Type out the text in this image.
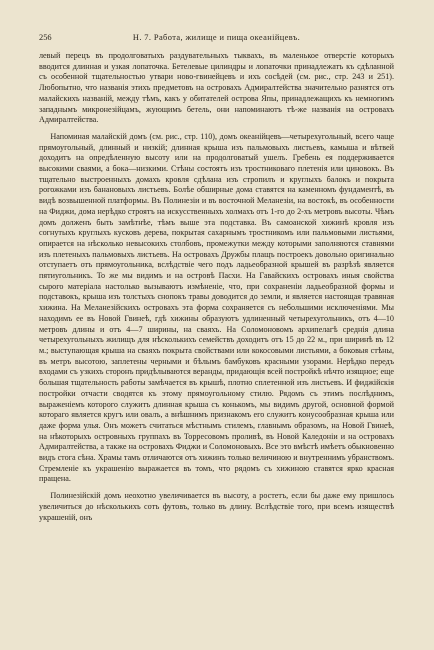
256	Н. 7. Работа, жилище и пища океанійцевъ.

левый перецъ въ продолговатыхъ раздувательныхъ тыквахъ, въ маленькое отверстіе которыхъ вводится длинная и узкая лопаточка. Бетелевые цилиндры и лопаточки принадлежатъ къ сдѣланной съ особенной тщательностью утвари ново-гвинейцевъ и ихъ сосѣдей (см. рис., стр. 243 и 251). Любопытно, что названія этихъ предметовъ на островахъ Адмиралтейства значительно разнятся отъ малайскихъ названій, между тѣмъ, какъ у обитателей острова Япы, принадлежащихъ къ немногимъ западнымъ микронезійцамъ, жующимъ бетель, они напоминаютъ тѣ-же названія на островахъ Адмиралтейства.

Напоминая малайскій домъ (см. рис., стр. 110), домъ океанійцевъ—четырехугольный, всего чаще прямоугольный, длинный и низкій; длинная крыша изъ пальмовыхъ листьевъ, камыша и вѣтвей доходитъ на опредѣленную высоту или на продолговатый ушелъ. Гребень ея поддерживается высокими сваями, а бока—низкими. Стѣны состоятъ изъ тростниковаго плетенія или циновокъ. Въ тщательно выстроенныхъ домахъ кровля сдѣлана изъ стропилъ и круглыхъ балокъ и покрыта рогожками изъ банановыхъ листьевъ. Болѣе обширные дома ставятся на каменномъ фундаментѣ, въ видѣ возвышенной платформы. Въ Полинезіи и въ восточной Меланезіи, на востокѣ, въ особенности на Фиджи, дома нерѣдко строятъ на искусственныхъ холмахъ отъ 1-го до 2-хъ метровъ высоты. Чѣмъ домъ долженъ быть замѣтнѣе, тѣмъ выше эта подставка. Въ самоанской хижинѣ кровля изъ согнутыхъ круглыхъ кусковъ дерева, покрытая сахарнымъ тростникомъ или пальмовыми листьями, опирается на нѣсколько невысокихъ столбовъ, промежутки между которыми заполняются ставнями изъ плетеныхъ пальмовыхъ листьевъ. На островахъ Дружбы плащъ построекъ довольно оригинально отступаетъ отъ прямоугольника, вслѣдствіе чего подъ ладьеобразной крышей въ разрѣзѣ является пятиугольникъ. То же мы видимъ и на островѣ Пасхи. На Гавайскихъ островахъ иныя свойства сырого матеріала настолько вызываютъ измѣненіе, что, при сохраненіи ладьеобразной формы и подставокъ, крыша изъ толстыхъ снопокъ травы доводится до земли, и является настоящая травяная хижина. На Меланезійскихъ островахъ эта форма сохраняется съ небольшими исключеніями. Мы находимъ ее въ Новой Гвинеѣ, гдѣ хижины образуютъ удлиненный четырехугольникъ, отъ 4—10 метровъ длины и отъ 4—7 ширины, на сваяхъ. На Соломоновомъ архипелагѣ среднія длина четырехугольныхъ жилищъ для нѣсколькихъ семействъ доходитъ отъ 15 до 22 м., при ширинѣ въ 12 м.; выступающая крыша на сваяхъ покрыта свойствами или кокосовыми листьями, а боковыя стѣны, въ метръ высотою, заплетены черными и бѣлымъ бамбуковъ красными узорами. Нерѣдко передъ входами съ узкихъ сторонъ придѣлываются веранды, придающія всей постройкѣ нѣчто изящное; еще большая тщательность работы замѣчается въ крышѣ, плотно сплетенной изъ листьевъ. И фиджійскія постройки отчасти сводятся къ этому прямоугольному стилю. Рядомъ съ этимъ послѣднимъ, выраженіемъ которого служитъ длинная крыша съ конькомъ, мы видимъ другой, основной формой котораго является кругъ или овалъ, а внѣшнимъ признакомъ его служитъ конусообразная крыша или даже форма улья. Онъ можетъ считаться мѣстнымъ стилемъ, главнымъ образомъ, на Новой Гвинеѣ, на нѣкоторыхъ островныхъ группахъ въ Торресовомъ проливѣ, въ Новой Каледоніи и на островахъ Адмиралтейства, а также на островахъ Фиджи и Соломоновыхъ. Все это вмѣстѣ имѣетъ обыкновенно видъ стога сѣна. Храмы тамъ отличаются отъ хижинъ только величиною и внутреннимъ убранствомъ. Стремленіе къ украшенію выражается въ томъ, что рядомъ съ хижиною ставятся ярко красная пращена.

Полинезійскій домъ неохотно увеличивается въ высоту, а ростетъ, если бы даже ему пришлось увеличиться до нѣсколькихъ сотъ футовъ, только въ длину. Вслѣдствіе того, при всемъ изяществѣ украшеній, онъ
